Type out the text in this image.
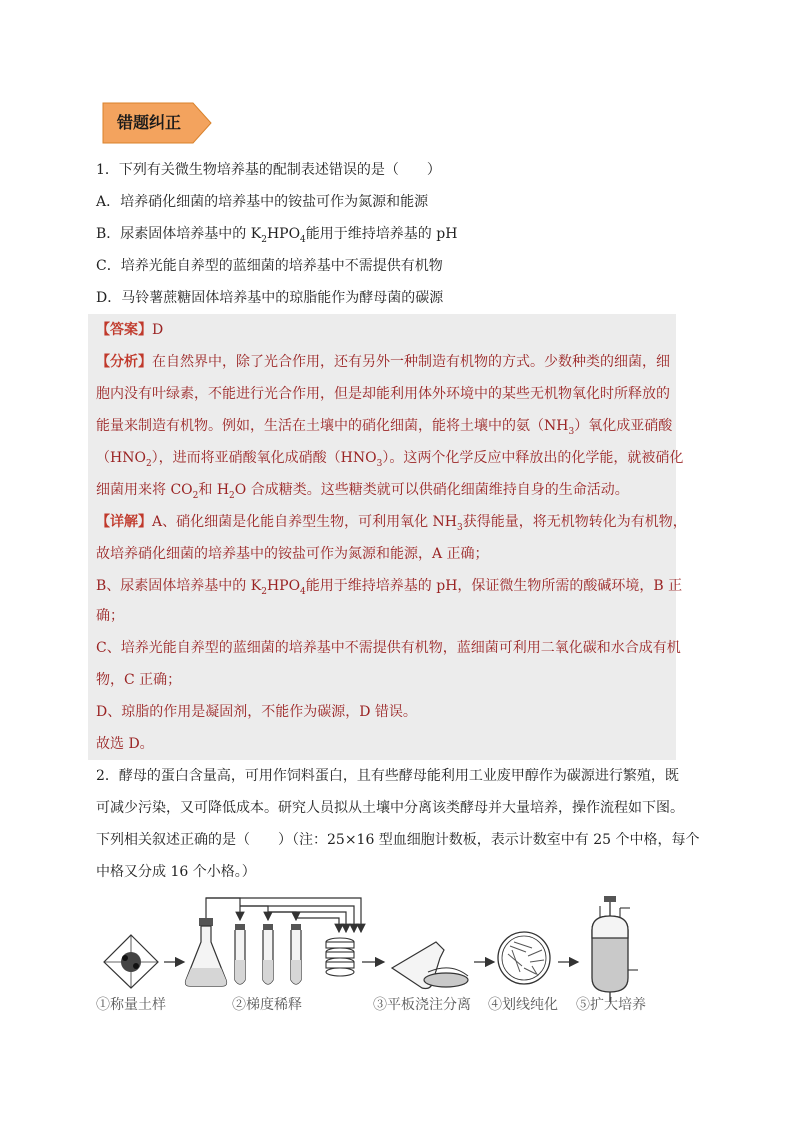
错题纠正
1．下列有关微生物培养基的配制表述错误的是（　　）
A．培养硝化细菌的培养基中的铵盐可作为氮源和能源
B．尿素固体培养基中的 $K_2HPO_4$能用于维持培养基的 pH
C．培养光能自养型的蓝细菌的培养基中不需提供有机物
D．马铃薯蔗糖固体培养基中的琼脂能作为酵母菌的碳源
【答案】D
【分析】在自然界中，除了光合作用，还有另外一种制造有机物的方式。少数种类的细菌，细
胞内没有叶绿素，不能进行光合作用，但是却能利用体外环境中的某些无机物氧化时所释放的
能量来制造有机物。例如，生活在土壤中的硝化细菌，能将土壤中的氨$(NH_3)$氧化成亚硝酸
$(HNO_2)$，进而将亚硝酸氧化成硝酸$(HNO_3)$。这两个化学反应中释放出的化学能，就被硝化
细菌用来将 $CO_2$和 $H_2O$ 合成糖类。这些糖类就可以供硝化细菌维持自身的生命活动。
【详解】A、硝化细菌是化能自养型生物，可利用氧化 $NH_3$获得能量，将无机物转化为有机物，
故培养硝化细菌的培养基中的铵盐可作为氮源和能源，A 正确；
B、尿素固体培养基中的 $K_2HPO_4$能用于维持培养基的 pH，保证微生物所需的酸碱环境，B 正
确；
C、培养光能自养型的蓝细菌的培养基中不需提供有机物，蓝细菌可利用二氧化碳和水合成有机
物，C 正确；
D、琼脂的作用是凝固剂，不能作为碳源，D 错误。
故选 D。
2．酵母的蛋白含量高，可用作饲料蛋白，且有些酵母能利用工业废甲醇作为碳源进行繁殖，既
可减少污染，又可降低成本。研究人员拟从土壤中分离该类酵母并大量培养，操作流程如下图。
下列相关叙述正确的是（　　）（注：25×16 型血细胞计数板，表示计数室中有 25 个中格，每个
中格又分成 16 个小格。）
①称量土样	②梯度稀释	③平板浇注分离 ④划线纯化 ⑤扩大培养
